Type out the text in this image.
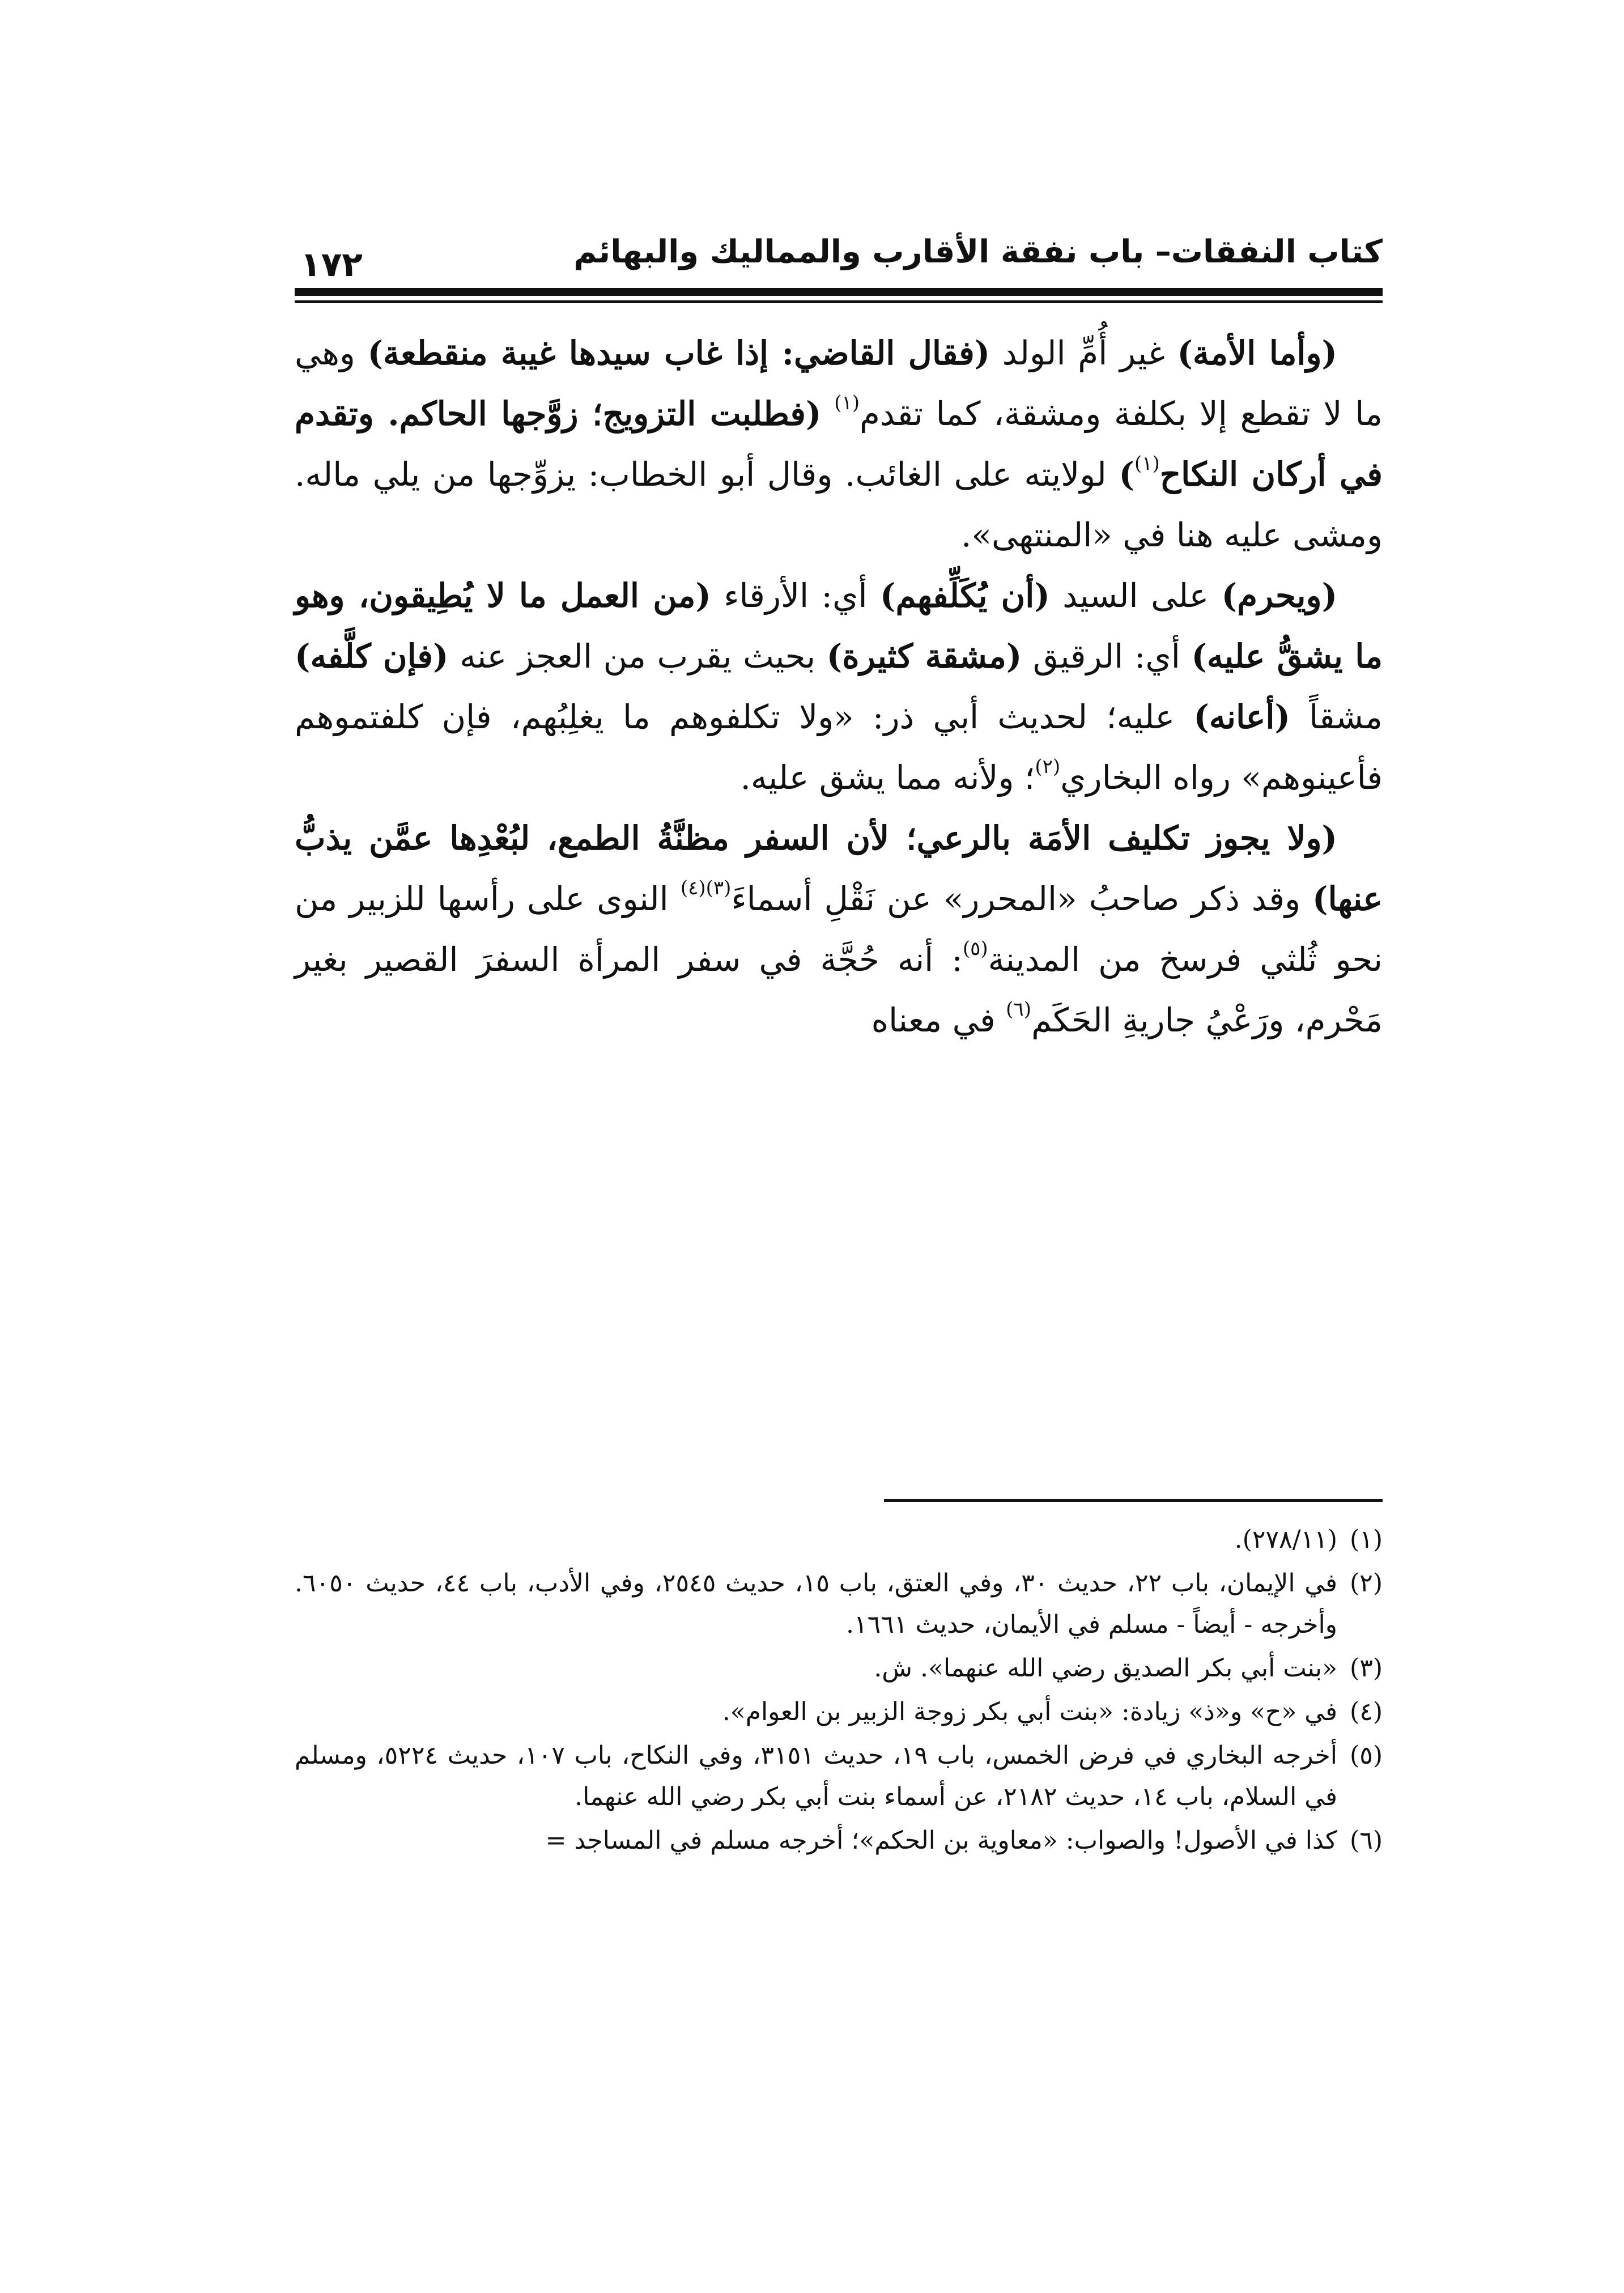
كتاب النفقات– باب نفقة الأقارب والمماليك والبهائم
١٧٢

(وأما الأمة) غير أُمِّ الولد (فقال القاضي: إذا غاب سيدها غيبة منقطعة) وهي ما لا تقطع إلا بكلفة ومشقة، كما تقدم$^{(١)}$ (فطلبت التزويج؛ زوَّجها الحاكم. وتقدم في أركان النكاح$^{(١)}$) لولايته على الغائب. وقال أبو الخطاب: يزوِّجها من يلي ماله. ومشى عليه هنا في «المنتهى».

(ويحرم) على السيد (أن يُكَلِّفهم) أي: الأرقاء (من العمل ما لا يُطِيقون، وهو ما يشقُّ عليه) أي: الرقيق (مشقة كثيرة) بحيث يقرب من العجز عنه (فإن كلَّفه) مشقاً (أعانه) عليه؛ لحديث أبي ذر: «ولا تكلفوهم ما يغلِبُهم، فإن كلفتموهم فأعينوهم» رواه البخاري$^{(٢)}$؛ ولأنه مما يشق عليه.

(ولا يجوز تكليف الأمَة بالرعي؛ لأن السفر مظنَّةُ الطمع، لبُعْدِها عمَّن يذبُّ عنها) وقد ذكر صاحبُ «المحرر» عن نَقْلِ أسماءَ$^{(٣)(٤)}$ النوى على رأسها للزبير من نحو ثُلثي فرسخ من المدينة$^{(٥)}$: أنه حُجَّة في سفر المرأة السفرَ القصير بغير مَحْرم، ورَعْيُ جاريةِ الحَكَم$^{(٦)}$ في معناه

(١)(٢٧٨/١١).

(٢)في الإيمان، باب ٢٢، حديث ٣٠، وفي العتق، باب ١٥، حديث ٢٥٤٥، وفي الأدب، باب ٤٤، حديث ٦٠٥٠. وأخرجه - أيضاً - مسلم في الأيمان، حديث ١٦٦١.

(٣)«بنت أبي بكر الصديق رضي الله عنهما». ش.

(٤)في «ح» و«ذ» زيادة: «بنت أبي بكر زوجة الزبير بن العوام».

(٥)أخرجه البخاري في فرض الخمس، باب ١٩، حديث ٣١٥١، وفي النكاح، باب ١٠٧، حديث ٥٢٢٤، ومسلم في السلام، باب ١٤، حديث ٢١٨٢، عن أسماء بنت أبي بكر رضي الله عنهما.

(٦)كذا في الأصول! والصواب: «معاوية بن الحكم»؛ أخرجه مسلم في المساجد =
